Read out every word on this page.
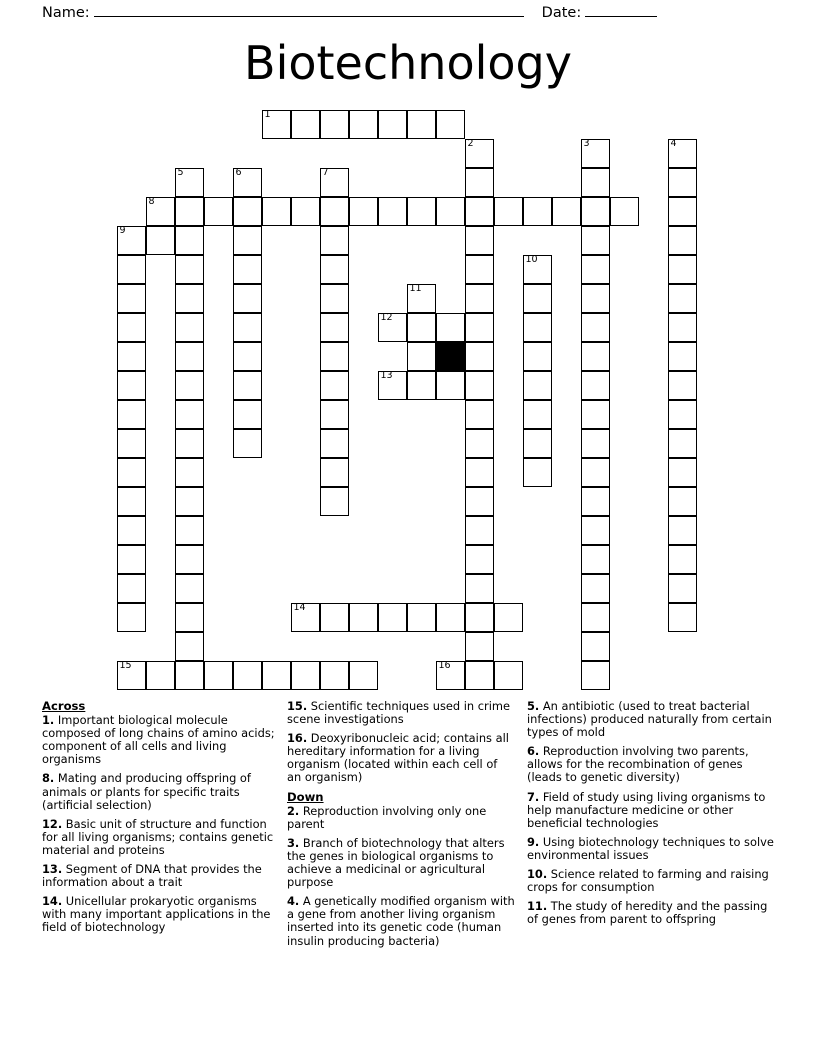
Name:	Date:
Biotechnology
1
2	3	4
5	6	7
8
9
10
11
12
13
14
15	16
Across

1. Important biological molecule composed of long chains of amino acids; component of all cells and living organisms

8. Mating and producing offspring of animals or plants for specific traits (artificial selection)

12. Basic unit of structure and function for all living organisms; contains genetic material and proteins

13. Segment of DNA that provides the information about a trait

14. Unicellular prokaryotic organisms with many important applications in the field of biotechnology

15. Scientific techniques used in crime scene investigations

16. Deoxyribonucleic acid; contains all hereditary information for a living organism (located within each cell of an organism)

Down

2. Reproduction involving only one parent

3. Branch of biotechnology that alters the genes in biological organisms to achieve a medicinal or agricultural purpose

4. A genetically modified organism with a gene from another living organism inserted into its genetic code (human insulin producing bacteria)

5. An antibiotic (used to treat bacterial infections) produced naturally from certain types of mold

6. Reproduction involving two parents, allows for the recombination of genes (leads to genetic diversity)

7. Field of study using living organisms to help manufacture medicine or other beneficial technologies

9. Using biotechnology techniques to solve environmental issues

10. Science related to farming and raising crops for consumption

11. The study of heredity and the passing of genes from parent to offspring
